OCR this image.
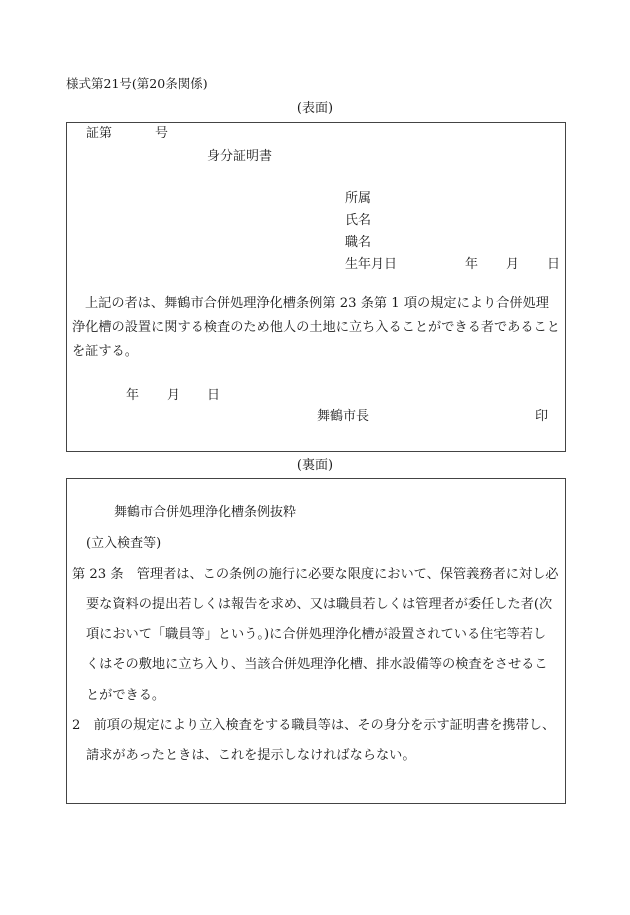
様式第21号(第20条関係)
(表面)
証第	号
身分証明書
所属
氏名
職名
生年月日	年 月 日
上記の者は、舞鶴市合併処理浄化槽条例第 23 条第 1 項の規定により合併処理浄化槽の設置に関する検査のため他人の土地に立ち入ることができる者であることを証する。
年 月 日
舞鶴市長	印
(裏面)
舞鶴市合併処理浄化槽条例抜粋
(立入検査等)
第 23 条　管理者は、この条例の施行に必要な限度において、保管義務者に対し必
要な資料の提出若しくは報告を求め、又は職員若しくは管理者が委任した者(次
項において「職員等」という。)に合併処理浄化槽が設置されている住宅等若し
くはその敷地に立ち入り、当該合併処理浄化槽、排水設備等の検査をさせるこ
とができる。
2　前項の規定により立入検査をする職員等は、その身分を示す証明書を携帯し、
請求があったときは、これを提示しなければならない。
